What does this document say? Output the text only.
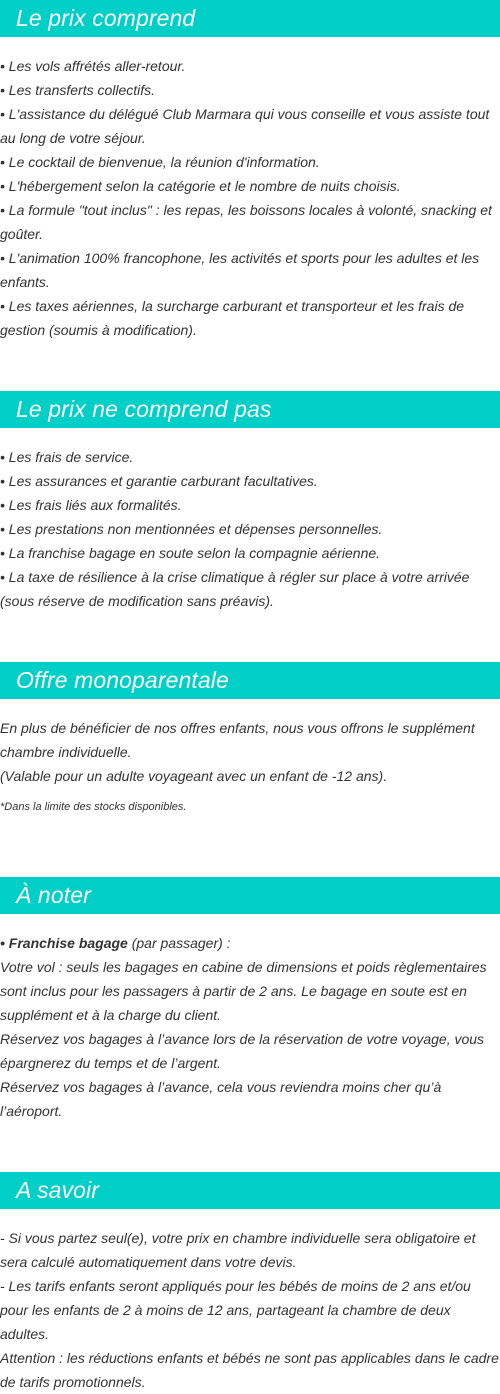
Le prix comprend

• Les vols affrétés aller-retour.

• Les transferts collectifs.

• L'assistance du délégué Club Marmara qui vous conseille et vous assiste tout au long de votre séjour.

• Le cocktail de bienvenue, la réunion d'information.

• L'hébergement selon la catégorie et le nombre de nuits choisis.

• La formule "tout inclus" : les repas, les boissons locales à volonté, snacking et goûter.

• L'animation 100% francophone, les activités et sports pour les adultes et les enfants.

• Les taxes aériennes, la surcharge carburant et transporteur et les frais de gestion (soumis à modification).

Le prix ne comprend pas

• Les frais de service.

• Les assurances et garantie carburant facultatives.

• Les frais liés aux formalités.

• Les prestations non mentionnées et dépenses personnelles.

• La franchise bagage en soute selon la compagnie aérienne.

• La taxe de résilience à la crise climatique à régler sur place à votre arrivée (sous réserve de modification sans préavis).

Offre monoparentale

En plus de bénéficier de nos offres enfants, nous vous offrons le supplément chambre individuelle.

(Valable pour un adulte voyageant avec un enfant de -12 ans).

*Dans la limite des stocks disponibles.

À noter

• Franchise bagage (par passager) :

Votre vol : seuls les bagages en cabine de dimensions et poids règlementaires sont inclus pour les passagers à partir de 2 ans. Le bagage en soute est en supplément et à la charge du client.

Réservez vos bagages à l’avance lors de la réservation de votre voyage, vous épargnerez du temps et de l’argent.

Réservez vos bagages à l’avance, cela vous reviendra moins cher qu’à l’aéroport.

A savoir

- Si vous partez seul(e), votre prix en chambre individuelle sera obligatoire et sera calculé automatiquement dans votre devis.

- Les tarifs enfants seront appliqués pour les bébés de moins de 2 ans et/ou pour les enfants de 2 à moins de 12 ans, partageant la chambre de deux adultes.

Attention : les réductions enfants et bébés ne sont pas applicables dans le cadre de tarifs promotionnels.
